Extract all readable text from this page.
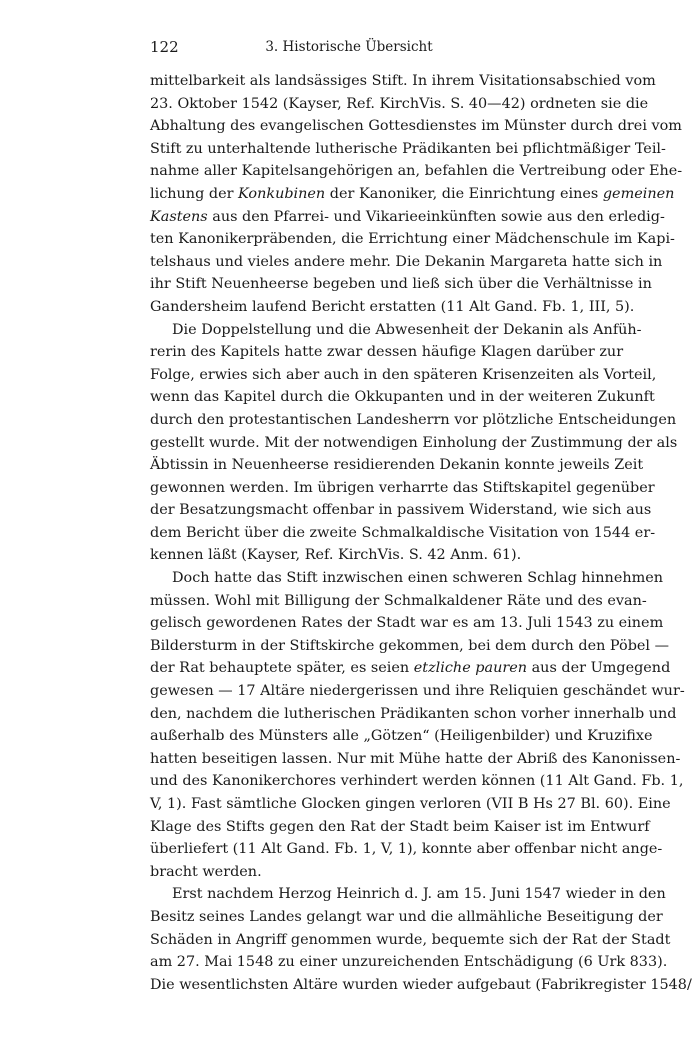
122	3. Historische Übersicht
mittelbarkeit als landsässiges Stift. In ihrem Visitationsabschied vom
23. Oktober 1542 (Kayser, Ref. KirchVis. S. 40—42) ordneten sie die
Abhaltung des evangelischen Gottesdienstes im Münster durch drei vom
Stift zu unterhaltende lutherische Prädikanten bei pflichtmäßiger Teil-
nahme aller Kapitelsangehörigen an, befahlen die Vertreibung oder Ehe-
lichung der Konkubinen der Kanoniker, die Einrichtung eines gemeinen
Kastens aus den Pfarrei- und Vikarieeinkünften sowie aus den erledig-
ten Kanonikerpräbenden, die Errichtung einer Mädchenschule im Kapi-
telshaus und vieles andere mehr. Die Dekanin Margareta hatte sich in
ihr Stift Neuenheerse begeben und ließ sich über die Verhältnisse in
Gandersheim laufend Bericht erstatten (11 Alt Gand. Fb. 1, III, 5).
Die Doppelstellung und die Abwesenheit der Dekanin als Anfüh-
rerin des Kapitels hatte zwar dessen häufige Klagen darüber zur
Folge, erwies sich aber auch in den späteren Krisenzeiten als Vorteil,
wenn das Kapitel durch die Okkupanten und in der weiteren Zukunft
durch den protestantischen Landesherrn vor plötzliche Entscheidungen
gestellt wurde. Mit der notwendigen Einholung der Zustimmung der als
Äbtissin in Neuenheerse residierenden Dekanin konnte jeweils Zeit
gewonnen werden. Im übrigen verharrte das Stiftskapitel gegenüber
der Besatzungsmacht offenbar in passivem Widerstand, wie sich aus
dem Bericht über die zweite Schmalkaldische Visitation von 1544 er-
kennen läßt (Kayser, Ref. KirchVis. S. 42 Anm. 61).
Doch hatte das Stift inzwischen einen schweren Schlag hinnehmen
müssen. Wohl mit Billigung der Schmalkaldener Räte und des evan-
gelisch gewordenen Rates der Stadt war es am 13. Juli 1543 zu einem
Bildersturm in der Stiftskirche gekommen, bei dem durch den Pöbel —
der Rat behauptete später, es seien etzliche pauren aus der Umgegend
gewesen — 17 Altäre niedergerissen und ihre Reliquien geschändet wur-
den, nachdem die lutherischen Prädikanten schon vorher innerhalb und
außerhalb des Münsters alle „Götzen“ (Heiligenbilder) und Kruzifixe
hatten beseitigen lassen. Nur mit Mühe hatte der Abriß des Kanonissen-
und des Kanonikerchores verhindert werden können (11 Alt Gand. Fb. 1,
V, 1). Fast sämtliche Glocken gingen verloren (VII B Hs 27 Bl. 60). Eine
Klage des Stifts gegen den Rat der Stadt beim Kaiser ist im Entwurf
überliefert (11 Alt Gand. Fb. 1, V, 1), konnte aber offenbar nicht ange-
bracht werden.
Erst nachdem Herzog Heinrich d. J. am 15. Juni 1547 wieder in den
Besitz seines Landes gelangt war und die allmähliche Beseitigung der
Schäden in Angriff genommen wurde, bequemte sich der Rat der Stadt
am 27. Mai 1548 zu einer unzureichenden Entschädigung (6 Urk 833).
Die wesentlichsten Altäre wurden wieder aufgebaut (Fabrikregister 1548/
